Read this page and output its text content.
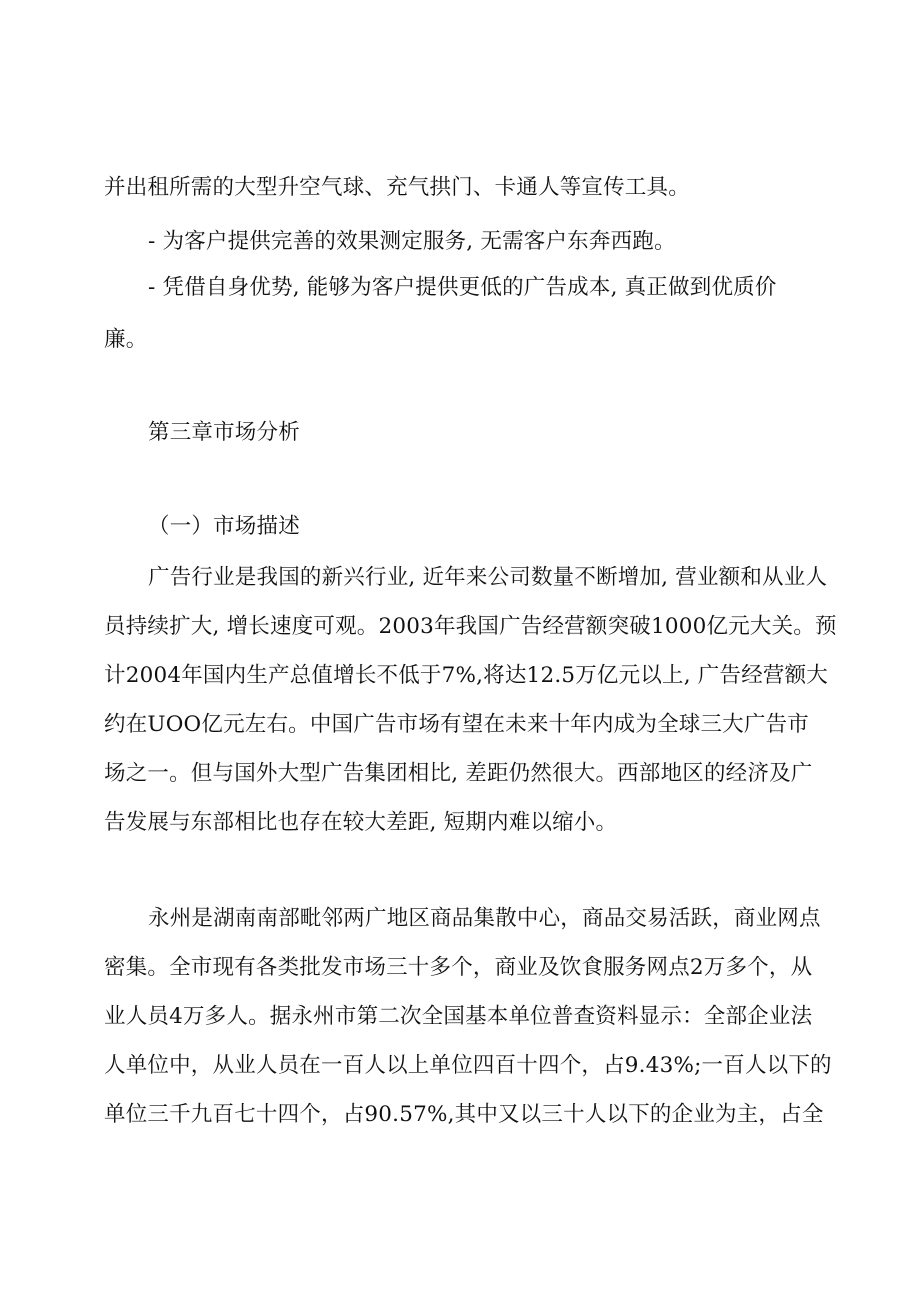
并出租所需的大型升空气球、充气拱门、卡通人等宣传工具。
- 为客户提供完善的效果测定服务, 无需客户东奔西跑。
- 凭借自身优势, 能够为客户提供更低的广告成本, 真正做到优质价
廉。
第三章市场分析
（一）市场描述
广告行业是我国的新兴行业, 近年来公司数量不断增加, 营业额和从业人
员持续扩大, 增长速度可观。2003年我国广告经营额突破1000亿元大关。预
计2004年国内生产总值增长不低于7%,将达12.5万亿元以上, 广告经营额大
约在UOO亿元左右。中国广告市场有望在未来十年内成为全球三大广告市
场之一。但与国外大型广告集团相比, 差距仍然很大。西部地区的经济及广
告发展与东部相比也存在较大差距, 短期内难以缩小。
永州是湖南南部毗邻两广地区商品集散中心，商品交易活跃，商业网点
密集。全市现有各类批发市场三十多个，商业及饮食服务网点2万多个，从
业人员4万多人。据永州市第二次全国基本单位普查资料显示：全部企业法
人单位中，从业人员在一百人以上单位四百十四个，占9.43%;一百人以下的
单位三千九百七十四个，占90.57%,其中又以三十人以下的企业为主，占全
